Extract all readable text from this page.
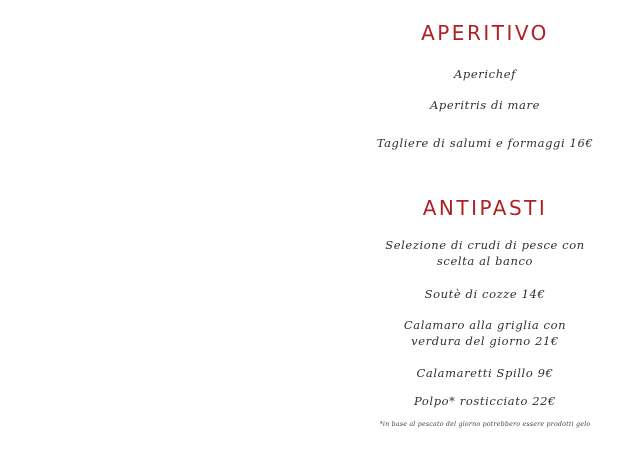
APERITIVO
Aperichef
Aperitris di mare
Tagliere di salumi e formaggi 16€
ANTIPASTI
Selezione di crudi di pesce con
scelta al banco
Soutè di cozze 14€
Calamaro alla griglia con
verdura del giorno 21€
Calamaretti Spillo 9€
Polpo* rosticciato 22€
*in base al pescato del giorno potrebbero essere prodotti gelo
